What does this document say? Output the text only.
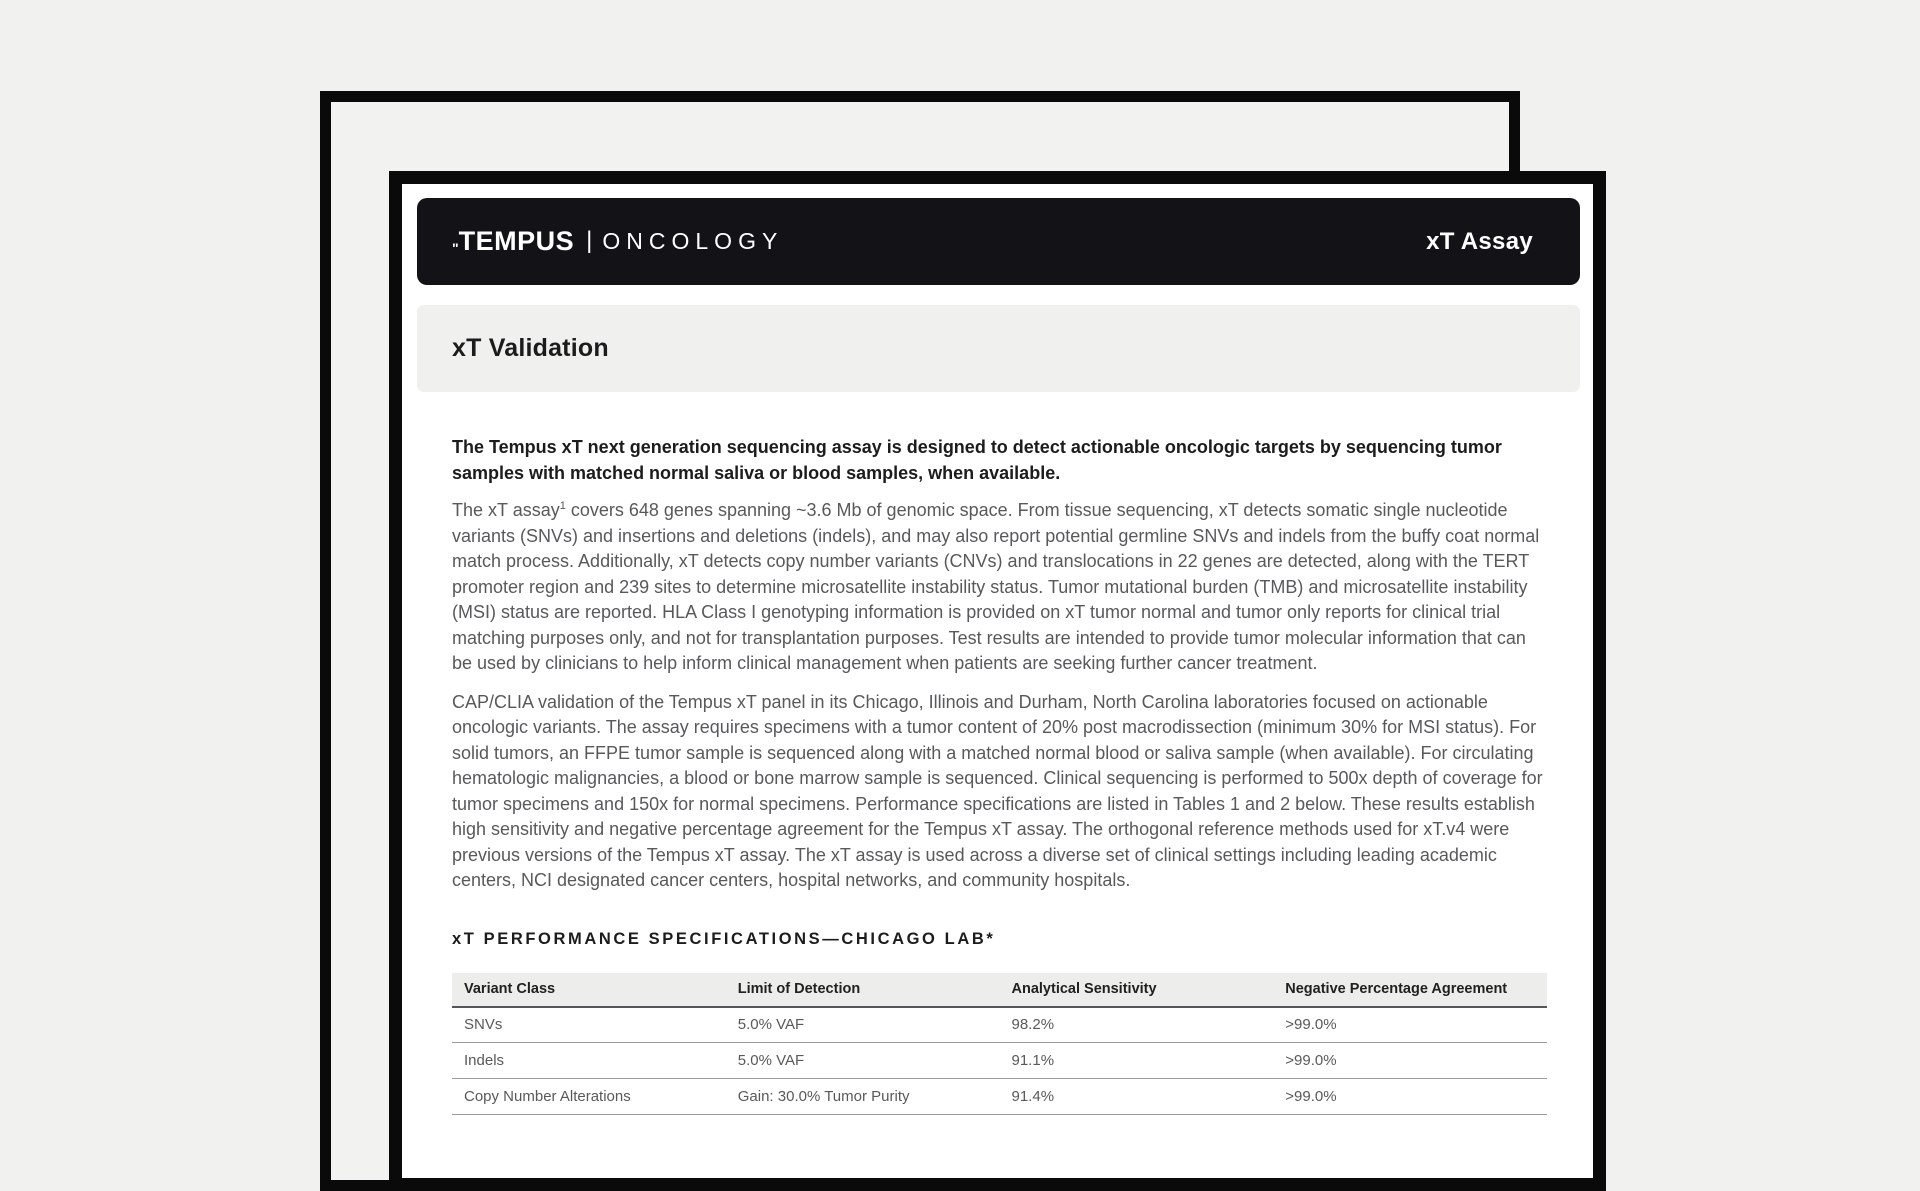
" TEMPUS | ONCOLOGY	xT Assay
xT Validation

The Tempus xT next generation sequencing assay is designed to detect actionable oncologic targets by sequencing tumor samples with matched normal saliva or blood samples, when available.

The xT assay$^1$ covers 648 genes spanning ~3.6 Mb of genomic space. From tissue sequencing, xT detects somatic single nucleotide variants (SNVs) and insertions and deletions (indels), and may also report potential germline SNVs and indels from the buffy coat normal match process. Additionally, xT detects copy number variants (CNVs) and translocations in 22 genes are detected, along with the TERT promoter region and 239 sites to determine microsatellite instability status. Tumor mutational burden (TMB) and microsatellite instability (MSI) status are reported. HLA Class I genotyping information is provided on xT tumor normal and tumor only reports for clinical trial matching purposes only, and not for transplantation purposes. Test results are intended to provide tumor molecular information that can be used by clinicians to help inform clinical management when patients are seeking further cancer treatment.

CAP/CLIA validation of the Tempus xT panel in its Chicago, Illinois and Durham, North Carolina laboratories focused on actionable oncologic variants. The assay requires specimens with a tumor content of 20% post macrodissection (minimum 30% for MSI status). For solid tumors, an FFPE tumor sample is sequenced along with a matched normal blood or saliva sample (when available). For circulating hematologic malignancies, a blood or bone marrow sample is sequenced. Clinical sequencing is performed to 500x depth of coverage for tumor specimens and 150x for normal specimens. Performance specifications are listed in Tables 1 and 2 below. These results establish high sensitivity and negative percentage agreement for the Tempus xT assay. The orthogonal reference methods used for xT.v4 were previous versions of the Tempus xT assay. The xT assay is used across a diverse set of clinical settings including leading academic centers, NCI designated cancer centers, hospital networks, and community hospitals.

xT PERFORMANCE SPECIFICATIONS—CHICAGO LAB*
Variant Class	Limit of Detection	Analytical Sensitivity	Negative Percentage Agreement
SNVs	5.0% VAF	98.2%	>99.0%
Indels	5.0% VAF	91.1%	>99.0%
Copy Number Alterations	Gain: 30.0% Tumor Purity	91.4%	>99.0%
